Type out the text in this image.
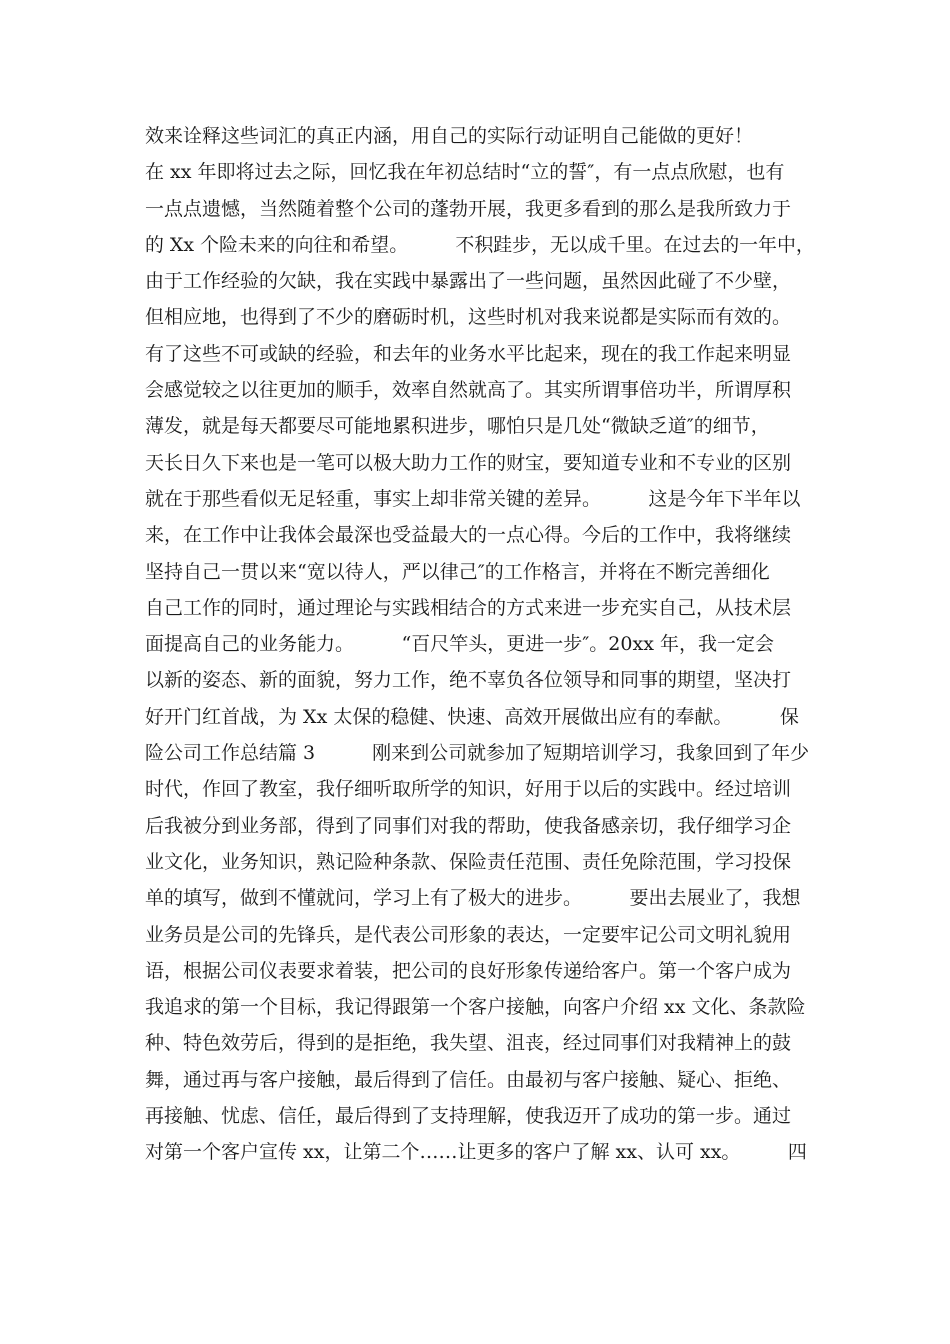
效来诠释这些词汇的真正内涵，用自己的实际行动证明自己能做的更好！
在 xx 年即将过去之际，回忆我在年初总结时“立的誓″，有一点点欣慰，也有
一点点遗憾，当然随着整个公司的蓬勃开展，我更多看到的那么是我所致力于
的 Xx 个险未来的向往和希望。　　　不积跬步，无以成千里。在过去的一年中，
由于工作经验的欠缺，我在实践中暴露出了一些问题，虽然因此碰了不少壁，
但相应地，也得到了不少的磨砺时机，这些时机对我来说都是实际而有效的。
有了这些不可或缺的经验，和去年的业务水平比起来，现在的我工作起来明显
会感觉较之以往更加的顺手，效率自然就高了。其实所谓事倍功半，所谓厚积
薄发，就是每天都要尽可能地累积进步，哪怕只是几处“微缺乏道″的细节，
天长日久下来也是一笔可以极大助力工作的财宝，要知道专业和不专业的区别
就在于那些看似无足轻重，事实上却非常关键的差异。　　　这是今年下半年以
来，在工作中让我体会最深也受益最大的一点心得。今后的工作中，我将继续
坚持自己一贯以来“宽以待人，严以律己″的工作格言，并将在不断完善细化
自己工作的同时，通过理论与实践相结合的方式来进一步充实自己，从技术层
面提高自己的业务能力。　　　“百尺竿头，更进一步″。20xx 年，我一定会
以新的姿态、新的面貌，努力工作，绝不辜负各位领导和同事的期望，坚决打
好开门红首战，为 Xx 太保的稳健、快速、高效开展做出应有的奉献。　　　保
险公司工作总结篇 3　　　刚来到公司就参加了短期培训学习，我象回到了年少
时代，作回了教室，我仔细听取所学的知识，好用于以后的实践中。经过培训
后我被分到业务部，得到了同事们对我的帮助，使我备感亲切，我仔细学习企
业文化，业务知识，熟记险种条款、保险责任范围、责任免除范围，学习投保
单的填写，做到不懂就问，学习上有了极大的进步。　　　要出去展业了，我想
业务员是公司的先锋兵，是代表公司形象的表达，一定要牢记公司文明礼貌用
语，根据公司仪表要求着装，把公司的良好形象传递给客户。第一个客户成为
我追求的第一个目标，我记得跟第一个客户接触，向客户介绍 xx 文化、条款险
种、特色效劳后，得到的是拒绝，我失望、沮丧，经过同事们对我精神上的鼓
舞，通过再与客户接触，最后得到了信任。由最初与客户接触、疑心、拒绝、
再接触、忧虑、信任，最后得到了支持理解，使我迈开了成功的第一步。通过
对第一个客户宣传 xx，让第二个……让更多的客户了解 xx、认可 xx。　　　四
